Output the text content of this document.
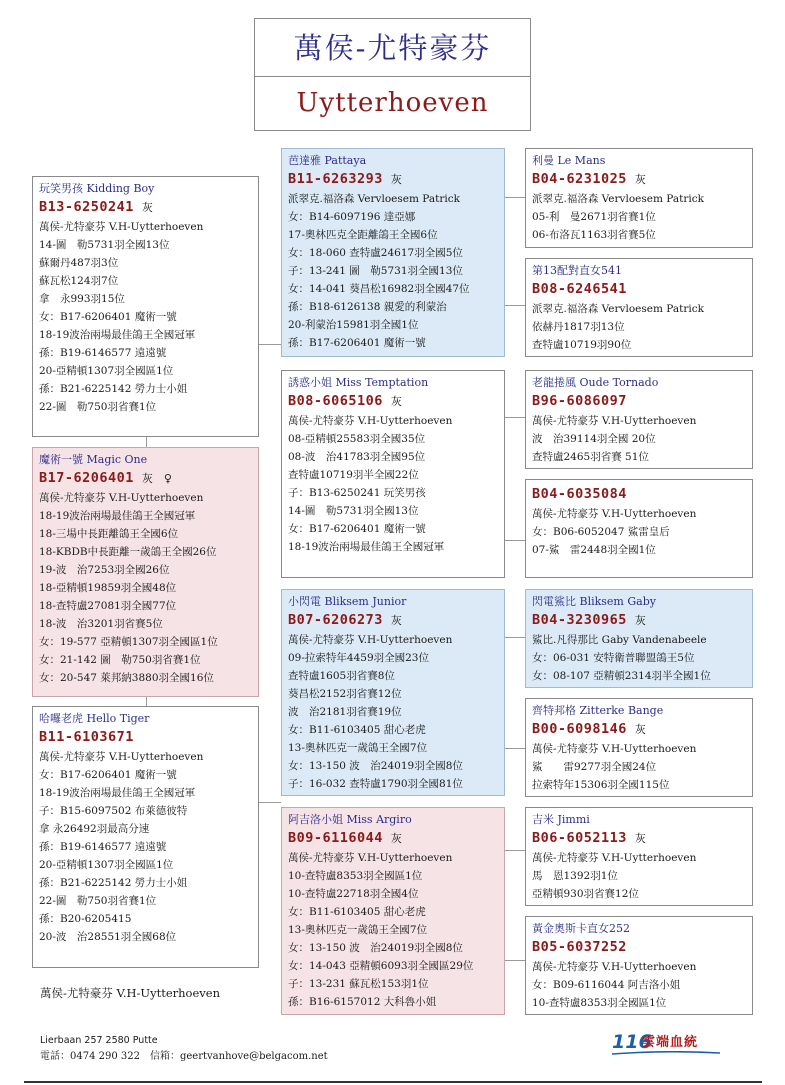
萬侯-尤特豪芬
Uytterhoeven
玩笑男孩 Kidding Boy
B13-6250241 灰
萬侯-尤特豪芬 V.H-Uytterhoeven
14-圖　勒5731羽全國13位
蘇爾丹487羽3位
蘇瓦松124羽7位
拿　永993羽15位
女：B17-6206401 魔術一號
18-19波治兩場最佳鴿王全國冠軍
孫：B19-6146577 遠遠號
20-亞精頓1307羽全國區1位
孫：B21-6225142 勞力士小姐
22-圖　勒750羽省賽1位
魔術一號 Magic One
B17-6206401 灰　♀
萬侯-尤特豪芬 V.H-Uytterhoeven
18-19波治兩場最佳鴿王全國冠軍
18-三場中長距離鴿王全國6位
18-KBDB中長距離一歲鴿王全國26位
19-波　治7253羽全國26位
18-亞精頓19859羽全國48位
18-查特盧27081羽全國77位
18-波　治3201羽省賽5位
女：19-577 亞精頓1307羽全國區1位
女：21-142 圖　勒750羽省賽1位
女：20-547 萊邦納3880羽全國16位
哈囉老虎 Hello Tiger
B11-6103671
萬侯-尤特豪芬 V.H-Uytterhoeven
女：B17-6206401 魔術一號
18-19波治兩場最佳鴿王全國冠軍
子：B15-6097502 布萊德彼特
拿 永26492羽最高分速
孫：B19-6146577 遠遠號
20-亞精頓1307羽全國區1位
孫：B21-6225142 勞力士小姐
22-圖　勒750羽省賽1位
孫：B20-6205415
20-波　治28551羽全國68位
芭達雅 Pattaya
B11-6263293 灰
派翠克.福洛森 Vervloesem Patrick
女：B14-6097196 達亞娜
17-奧林匹克全距離鴿王全國6位
女：18-060 查特盧24617羽全國5位
子：13-241 圖　勒5731羽全國13位
女：14-041 葵昌松16982羽全國47位
孫：B18-6126138 親愛的利蒙治
20-利蒙治15981羽全國1位
孫：B17-6206401 魔術一號
誘惑小姐 Miss Temptation
B08-6065106 灰
萬侯-尤特豪芬 V.H-Uytterhoeven
08-亞精頓25583羽全國35位
08-波　治41783羽全國95位
查特盧10719羽半全國22位
子：B13-6250241 玩笑男孩
14-圖　勒5731羽全國13位
女：B17-6206401 魔術一號
18-19波治兩場最佳鴿王全國冠軍
小閃電 Bliksem Junior
B07-6206273 灰
萬侯-尤特豪芬 V.H-Uytterhoeven
09-拉索特年4459羽全國23位
查特盧1605羽省賽8位
葵昌松2152羽省賽12位
波　治2181羽省賽19位
女：B11-6103405 甜心老虎
13-奧林匹克一歲鴿王全國7位
女：13-150 波　治24019羽全國8位
子：16-032 查特盧1790羽全國81位
阿吉洛小姐 Miss Argiro
B09-6116044 灰
萬侯-尤特豪芬 V.H-Uytterhoeven
10-查特盧8353羽全國區1位
10-查特盧22718羽全國4位
女：B11-6103405 甜心老虎
13-奧林匹克一歲鴿王全國7位
女：13-150 波　治24019羽全國8位
女：14-043 亞精頓6093羽全國區29位
子：13-231 蘇瓦松153羽1位
孫：B16-6157012 大科魯小姐
利曼 Le Mans
B04-6231025 灰
派翠克.福洛森 Vervloesem Patrick
05-利　曼2671羽省賽1位
06-布洛瓦1163羽省賽5位
第13配對直女541
B08-6246541
派翠克.福洛森 Vervloesem Patrick
依赫丹1817羽13位
查特盧10719羽90位
老龍捲風 Oude Tornado
B96-6086097
萬侯-尤特豪芬 V.H-Uytterhoeven
波　治39114羽全國 20位
查特盧2465羽省賽 51位
B04-6035084
萬侯-尤特豪芬 V.H-Uytterhoeven
女：B06-6052047 鯊雷皇后
07-鯊　雷2448羽全國1位
閃電鯊比 Bliksem Gaby
B04-3230965 灰
鯊比.凡得那比 Gaby Vandenabeele
女：06-031 安特衛普聯盟鴿王5位
女：08-107 亞精頓2314羽半全國1位
齊特邦格 Zitterke Bange
B00-6098146 灰
萬侯-尤特豪芬 V.H-Uytterhoeven
鯊　　雷9277羽全國24位
拉索特年15306羽全國115位
吉米 Jimmi
B06-6052113 灰
萬侯-尤特豪芬 V.H-Uytterhoeven
馬　恩1392羽1位
亞精頓930羽省賽12位
黃金奧斯卡直女252
B05-6037252
萬侯-尤特豪芬 V.H-Uytterhoeven
女：B09-6116044 阿吉洛小姐
10-查特盧8353羽全國區1位
萬侯-尤特豪芬 V.H-Uytterhoeven
Lierbaan 257 2580 Putte
電話：0474 290 322　信箱：geertvanhove@belgacom.net
116
雲端血統
